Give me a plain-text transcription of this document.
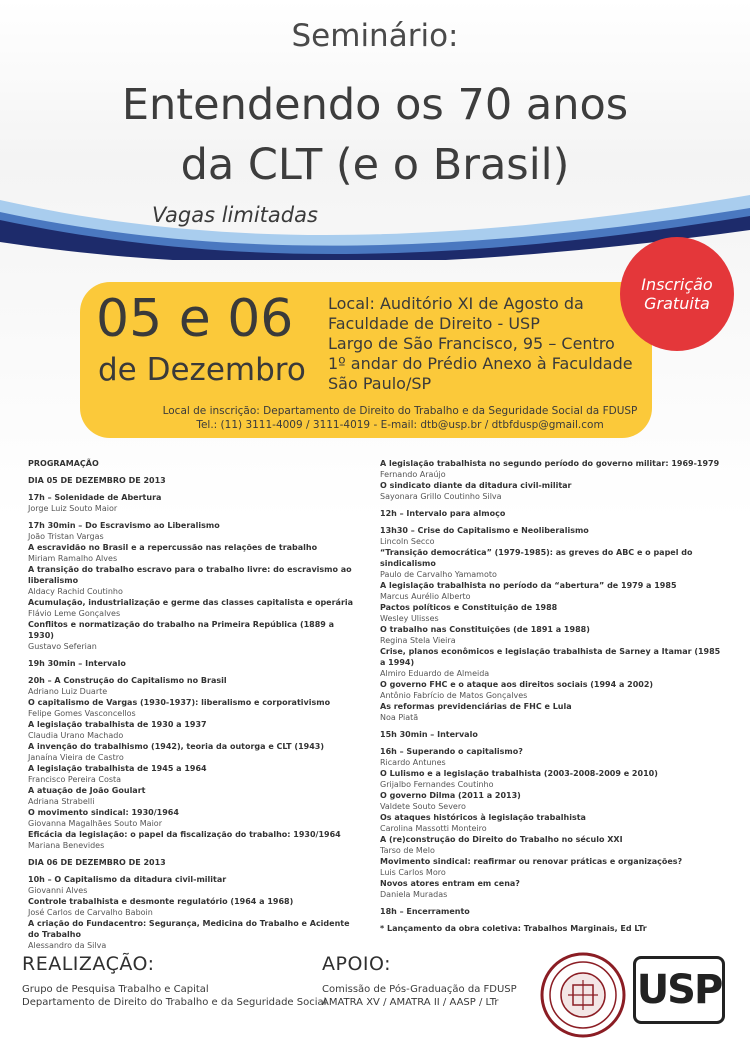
Seminário:
Entendendo os 70 anos
da CLT (e o Brasil)
Vagas limitadas
05 e 06
de Dezembro
Local: Auditório XI de Agosto da
Faculdade de Direito - USP
Largo de São Francisco, 95 – Centro
1º andar do Prédio Anexo à Faculdade
São Paulo/SP
Local de inscrição: Departamento de Direito do Trabalho e da Seguridade Social da FDUSP
Tel.: (11) 3111-4009 / 3111-4019 - E-mail: dtb@usp.br / dtbfdusp@gmail.com
Inscrição
Gratuita
PROGRAMAÇÃO
DIA 05 DE DEZEMBRO DE 2013
17h – Solenidade de Abertura
Jorge Luiz Souto Maior
17h 30min – Do Escravismo ao Liberalismo
João Tristan Vargas
A escravidão no Brasil e a repercussão nas relações de trabalho
Miriam Ramalho Alves
A transição do trabalho escravo para o trabalho livre: do escravismo ao liberalismo
Aldacy Rachid Coutinho
Acumulação, industrialização e germe das classes capitalista e operária
Flávio Leme Gonçalves
Conflitos e normatização do trabalho na Primeira República (1889 a 1930)
Gustavo Seferian
19h 30min – Intervalo
20h – A Construção do Capitalismo no Brasil
Adriano Luiz Duarte
O capitalismo de Vargas (1930-1937): liberalismo e corporativismo
Felipe Gomes Vasconcellos
A legislação trabalhista de 1930 a 1937
Claudia Urano Machado
A invenção do trabalhismo (1942), teoria da outorga e CLT (1943)
Janaína Vieira de Castro
A legislação trabalhista de 1945 a 1964
Francisco Pereira Costa
A atuação de João Goulart
Adriana Strabelli
O movimento sindical: 1930/1964
Giovanna Magalhães Souto Maior
Eficácia da legislação: o papel da fiscalização do trabalho: 1930/1964
Mariana Benevides
DIA 06 DE DEZEMBRO DE 2013
10h – O Capitalismo da ditadura civil-militar
Giovanni Alves
Controle trabalhista e desmonte regulatório (1964 a 1968)
José Carlos de Carvalho Baboin
A criação do Fundacentro: Segurança, Medicina do Trabalho e Acidente do Trabalho
Alessandro da Silva
A legislação trabalhista no segundo período do governo militar: 1969-1979
Fernando Araújo
O sindicato diante da ditadura civil-militar
Sayonara Grillo Coutinho Silva
12h – Intervalo para almoço
13h30 – Crise do Capitalismo e Neoliberalismo
Lincoln Secco
“Transição democrática” (1979-1985): as greves do ABC e o papel do sindicalismo
Paulo de Carvalho Yamamoto
A legislação trabalhista no período da “abertura” de 1979 a 1985
Marcus Aurélio Alberto
Pactos políticos e Constituição de 1988
Wesley Ulisses
O trabalho nas Constituições (de 1891 a 1988)
Regina Stela Vieira
Crise, planos econômicos e legislação trabalhista de Sarney a Itamar (1985 a 1994)
Almiro Eduardo de Almeida
O governo FHC e o ataque aos direitos sociais (1994 a 2002)
Antônio Fabrício de Matos Gonçalves
As reformas previdenciárias de FHC e Lula
Noa Piatã
15h 30min – Intervalo
16h – Superando o capitalismo?
Ricardo Antunes
O Lulismo e a legislação trabalhista (2003-2008-2009 e 2010)
Grijalbo Fernandes Coutinho
O governo Dilma (2011 a 2013)
Valdete Souto Severo
Os ataques históricos à legislação trabalhista
Carolina Massotti Monteiro
A (re)construção do Direito do Trabalho no século XXI
Tarso de Melo
Movimento sindical: reafirmar ou renovar práticas e organizações?
Luis Carlos Moro
Novos atores entram em cena?
Daniela Muradas
18h – Encerramento
* Lançamento da obra coletiva: Trabalhos Marginais, Ed LTr
REALIZAÇÃO:
Grupo de Pesquisa Trabalho e Capital
Departamento de Direito do Trabalho e da Seguridade Social
APOIO:
Comissão de Pós-Graduação da FDUSP
AMATRA XV / AMATRA II / AASP / LTr	USP
